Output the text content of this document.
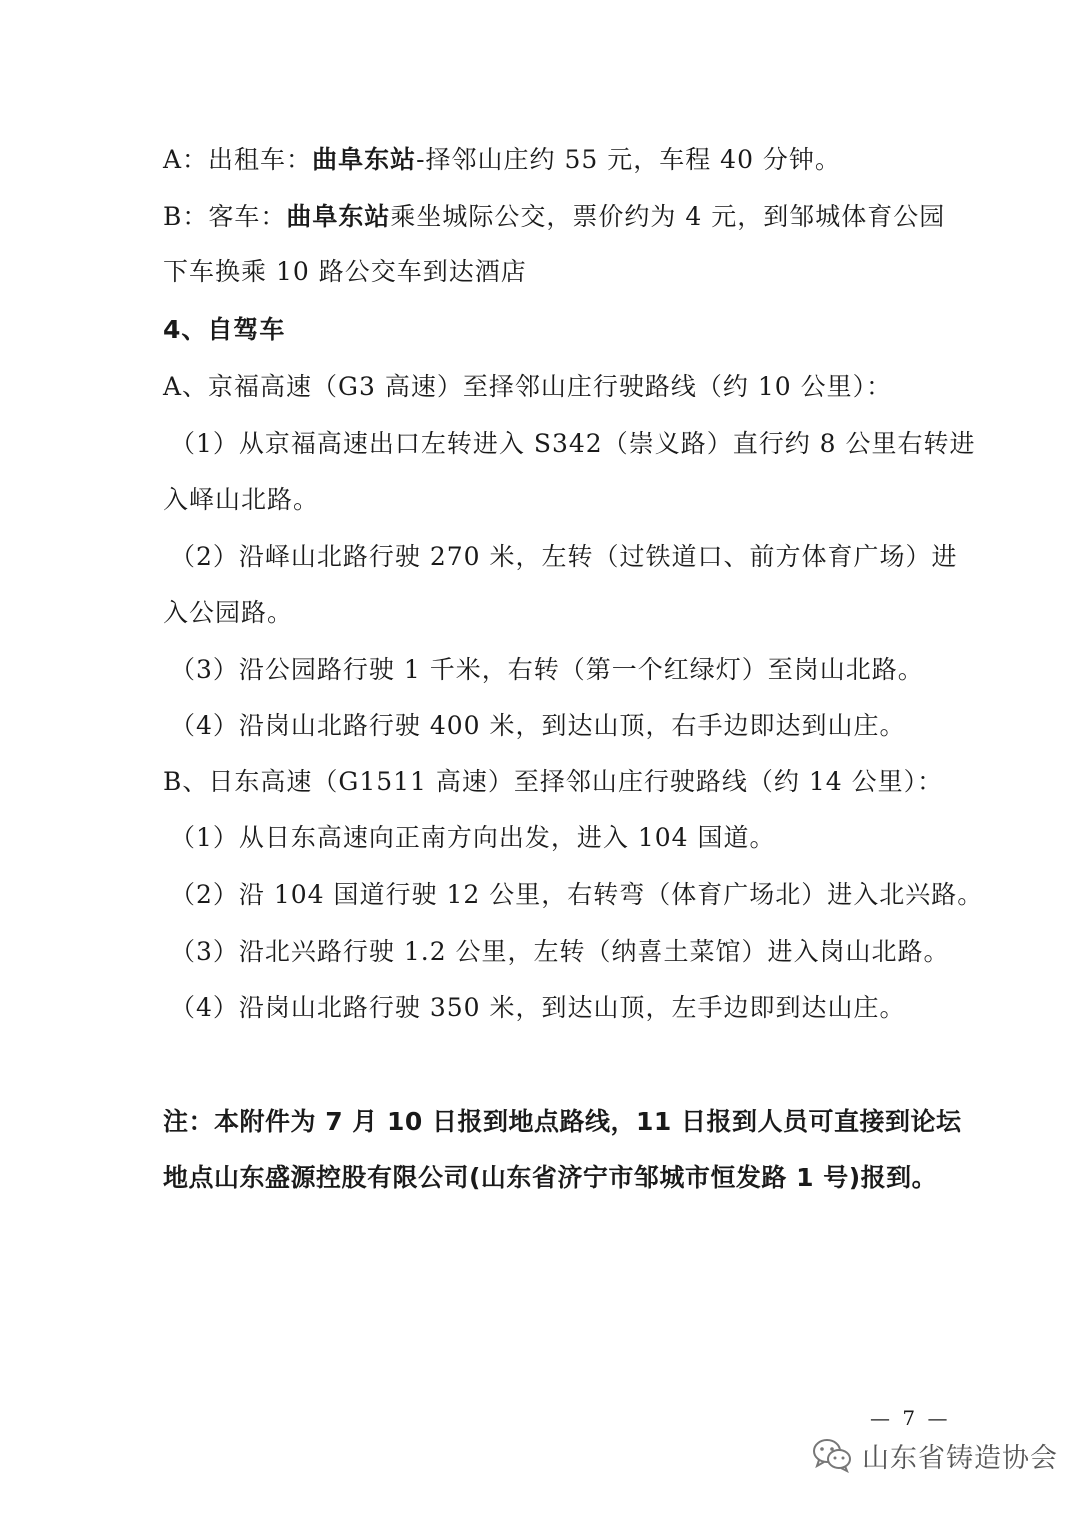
A：出租车：曲阜东站-择邻山庄约 55 元，车程 40 分钟。
B：客车：曲阜东站乘坐城际公交，票价约为 4 元，到邹城体育公园
下车换乘 10 路公交车到达酒店
4、自驾车
A、京福高速（G3 高速）至择邻山庄行驶路线（约 10 公里）：
（1）从京福高速出口左转进入 S342（崇义路）直行约 8 公里右转进
入峄山北路。
（2）沿峄山北路行驶 270 米，左转（过铁道口、前方体育广场）进
入公园路。
（3）沿公园路行驶 1 千米，右转（第一个红绿灯）至岗山北路。
（4）沿岗山北路行驶 400 米，到达山顶，右手边即达到山庄。
B、日东高速（G1511 高速）至择邻山庄行驶路线（约 14 公里）：
（1）从日东高速向正南方向出发，进入 104 国道。
（2）沿 104 国道行驶 12 公里，右转弯（体育广场北）进入北兴路。
（3）沿北兴路行驶 1.2 公里，左转（纳喜土菜馆）进入岗山北路。
（4）沿岗山北路行驶 350 米，到达山顶，左手边即到达山庄。
注：本附件为 7 月 10 日报到地点路线，11 日报到人员可直接到论坛
地点山东盛源控股有限公司(山东省济宁市邹城市恒发路 1 号)报到。
— 7 —
山东省铸造协会
